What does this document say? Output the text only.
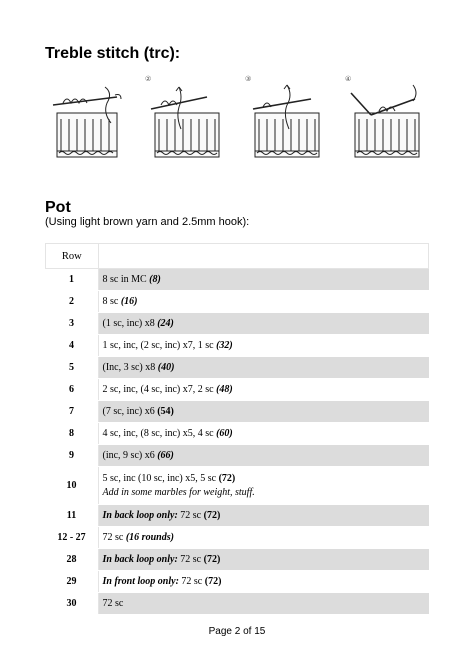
Treble stitch (trc):
②	③	④
Pot
(Using light brown yarn and 2.5mm hook):
Row	
1	8 sc in MC (8)
2	8 sc (16)
3	(1 sc, inc) x8 (24)
4	1 sc, inc, (2 sc, inc) x7, 1 sc (32)
5	(Inc, 3 sc) x8 (40)
6	2 sc, inc, (4 sc, inc) x7, 2 sc (48)
7	(7 sc, inc) x6 (54)
8	4 sc, inc, (8 sc, inc) x5, 4 sc (60)
9	(inc, 9 sc) x6 (66)
10	5 sc, inc (10 sc, inc) x5, 5 sc (72)
Add in some marbles for weight, stuff.

11	In back loop only: 72 sc (72)
12 - 27	72 sc (16 rounds)
28	In back loop only: 72 sc (72)
29	In front loop only: 72 sc (72)
30	72 sc
Page 2 of 15
